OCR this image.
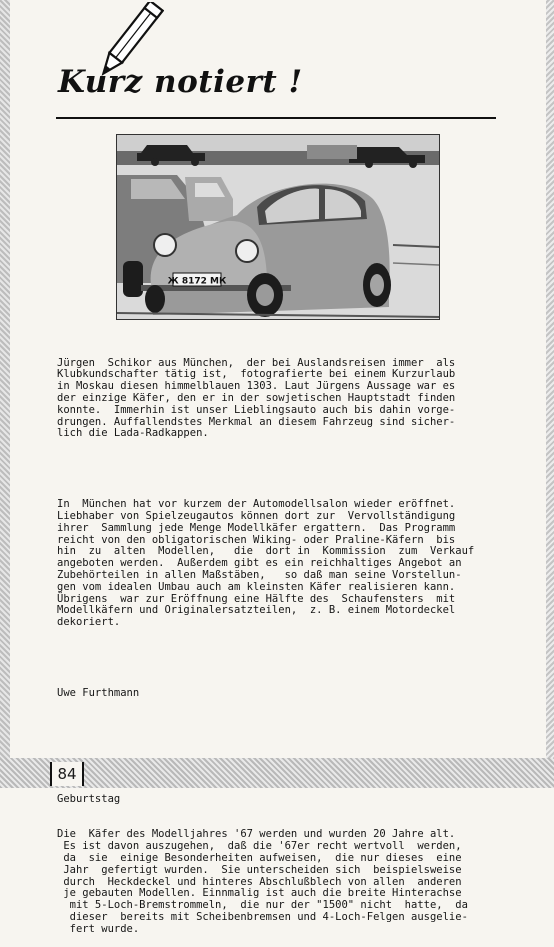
Kurz notiert !
Ж 8172 МК

Jürgen  Schikor aus München,  der bei Auslandsreisen immer  als
Klubkundschafter tätig ist,  fotografierte bei einem Kurzurlaub
in Moskau diesen himmelblauen 1303. Laut Jürgens Aussage war es
der einzige Käfer, den er in der sowjetischen Hauptstadt finden
konnte.  Immerhin ist unser Lieblingsauto auch bis dahin vorge-
drungen. Auffallendstes Merkmal an diesem Fahrzeug sind sicher-
lich die Lada-Radkappen.

In  München hat vor kurzem der Automodellsalon wieder eröffnet.
Liebhaber von Spielzeugautos können dort zur  Vervollständigung
ihrer  Sammlung jede Menge Modellkäfer ergattern.  Das Programm
reicht von den obligatorischen Wiking- oder Praline-Käfern  bis
hin  zu  alten  Modellen,   die  dort in  Kommission  zum  Verkauf
angeboten werden.  Außerdem gibt es ein reichhaltiges Angebot an
Zubehörteilen in allen Maßstäben,   so daß man seine Vorstellun-
gen vom idealen Umbau auch am kleinsten Käfer realisieren kann.
Übrigens  war zur Eröffnung eine Hälfte des  Schaufensters  mit
Modellkäfern und Originalersatzteilen,  z. B. einem Motordeckel
dekoriert.

Uwe Furthmann

Geburtstag

Die  Käfer des Modelljahres '67 werden und wurden 20 Jahre alt.
Es ist davon auszugehen,  daß die '67er recht wertvoll  werden,
da  sie  einige Besonderheiten aufweisen,  die nur dieses  eine
Jahr  gefertigt wurden.  Sie unterscheiden sich  beispielsweise
durch  Heckdeckel und hinteres Abschlußblech von allen  anderen
je gebauten Modellen. Einnmalig ist auch die breite Hinterachse
mit 5-Loch-Bremstrommeln,  die nur der "1500" nicht  hatte,  da
dieser  bereits mit Scheibenbremsen und 4-Loch-Felgen ausgelie-
fert wurde.

84
